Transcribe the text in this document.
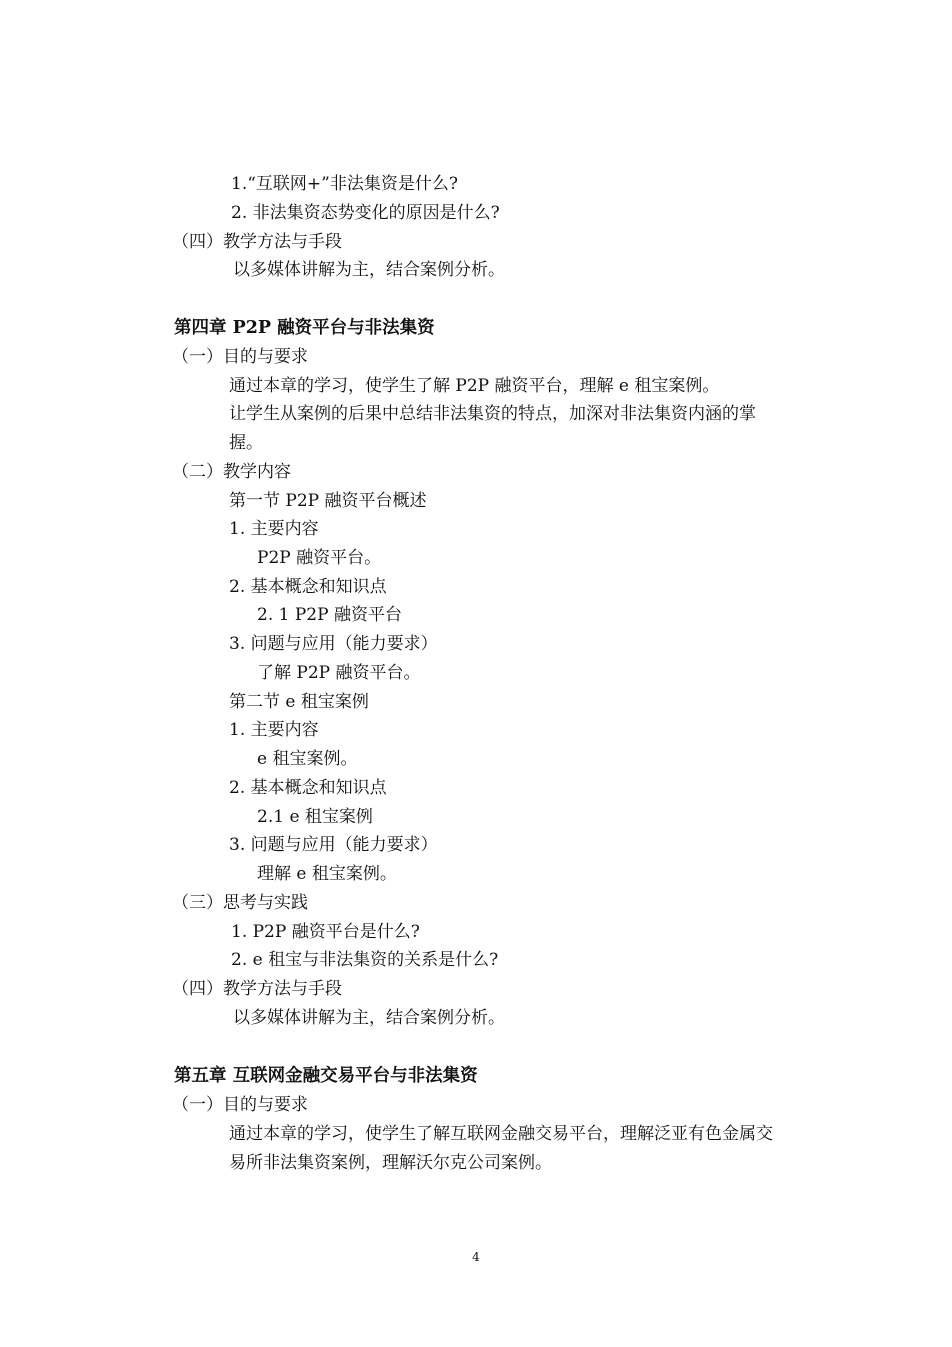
1.“互联网+”非法集资是什么?
2. 非法集资态势变化的原因是什么?
（四）教学方法与手段
以多媒体讲解为主，结合案例分析。
第四章 P2P 融资平台与非法集资
（一）目的与要求
通过本章的学习，使学生了解 P2P 融资平台，理解 e 租宝案例。
让学生从案例的后果中总结非法集资的特点，加深对非法集资内涵的掌
握。
（二）教学内容
第一节 P2P 融资平台概述
1. 主要内容
P2P 融资平台。
2. 基本概念和知识点
2. 1 P2P 融资平台
3. 问题与应用（能力要求）
了解 P2P 融资平台。
第二节 e 租宝案例
1. 主要内容
e 租宝案例。
2. 基本概念和知识点
2.1 e 租宝案例
3. 问题与应用（能力要求）
理解 e 租宝案例。
（三）思考与实践
1. P2P 融资平台是什么?
2. e 租宝与非法集资的关系是什么?
（四）教学方法与手段
以多媒体讲解为主，结合案例分析。
第五章 互联网金融交易平台与非法集资
（一）目的与要求
通过本章的学习，使学生了解互联网金融交易平台，理解泛亚有色金属交
易所非法集资案例，理解沃尔克公司案例。
4
